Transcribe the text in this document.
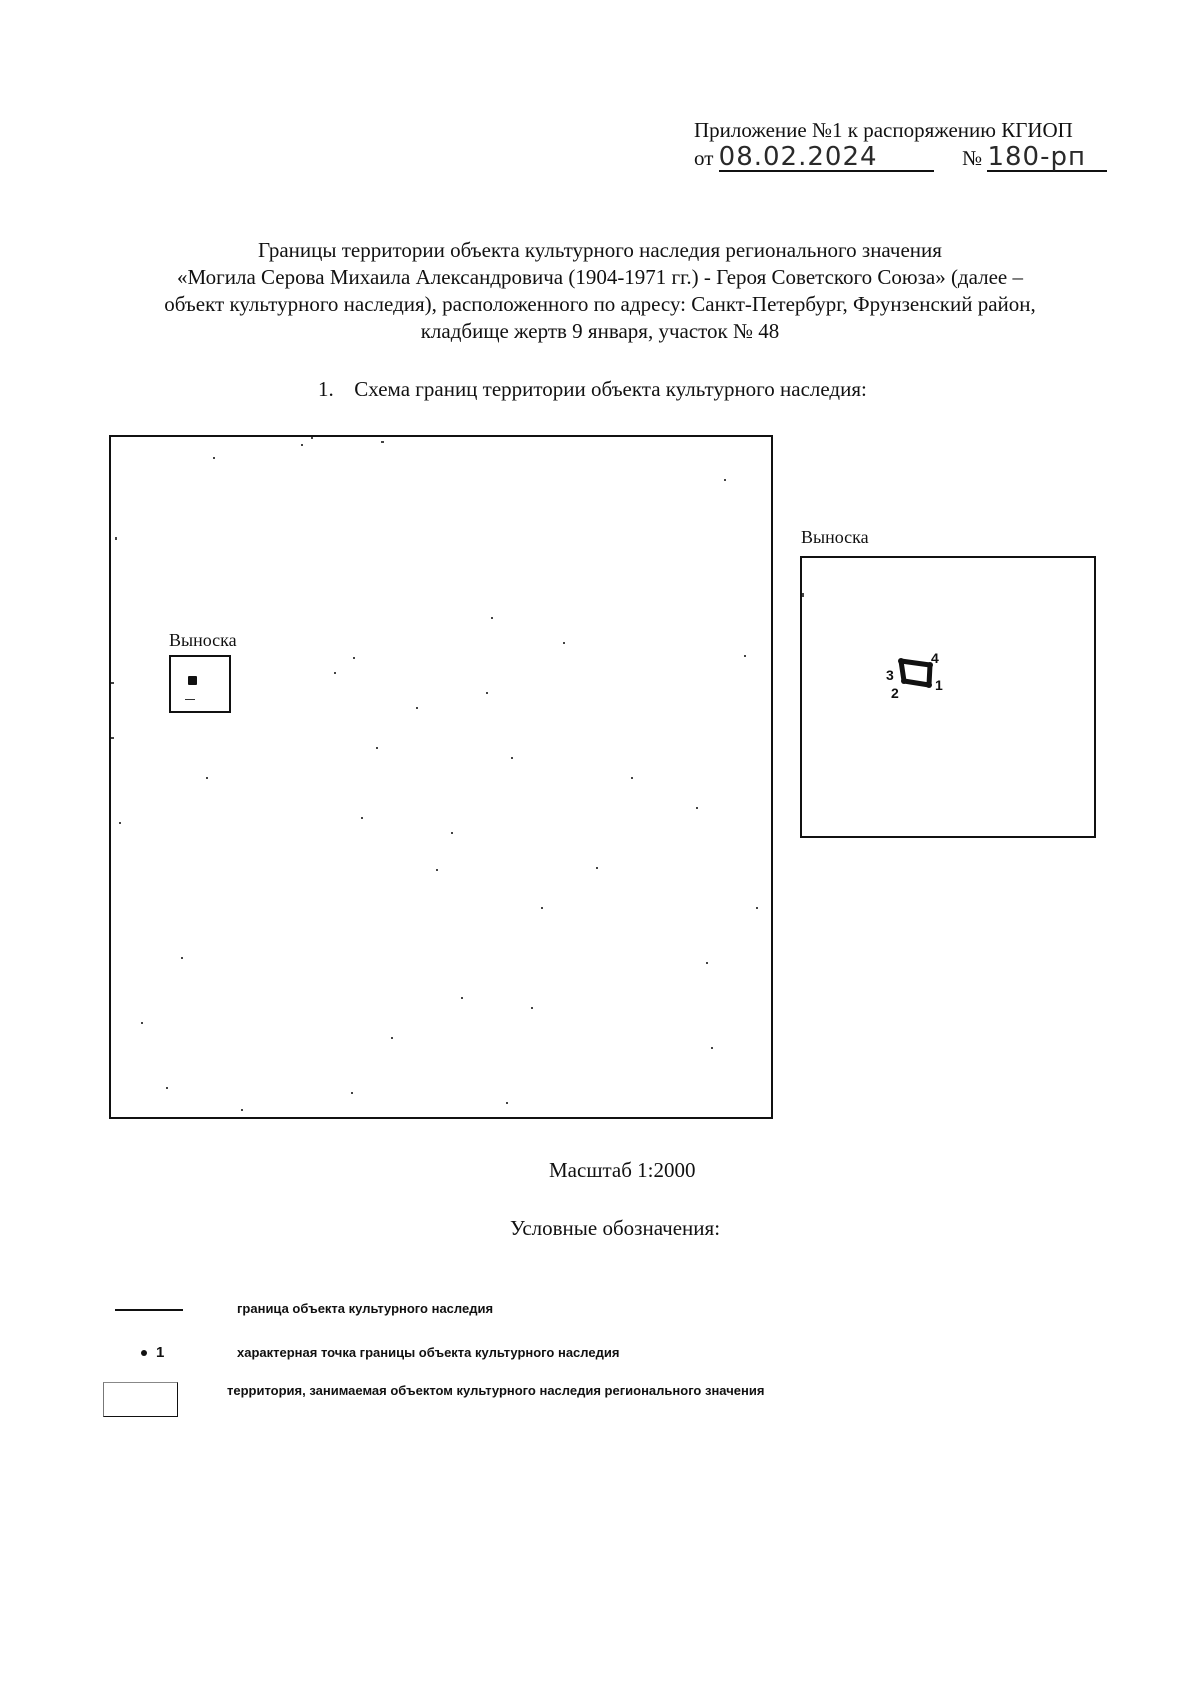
Приложение №1 к распоряжению КГИОП
от 08.02.2024	№ 180-рп
Границы территории объекта культурного наследия регионального значения
«Могила Серова Михаила Александровича (1904-1971 гг.) - Героя Советского Союза» (далее –
объект культурного наследия), расположенного по адресу: Санкт-Петербург, Фрунзенский район,
кладбище жертв 9 января, участок № 48
1. Схема границ территории объекта культурного наследия:
Выноска
Выноска
1
2
3
4
Масштаб 1:2000
Условные обозначения:
граница объекта культурного наследия
1	характерная точка границы объекта культурного наследия
территория, занимаемая объектом культурного наследия регионального значения
